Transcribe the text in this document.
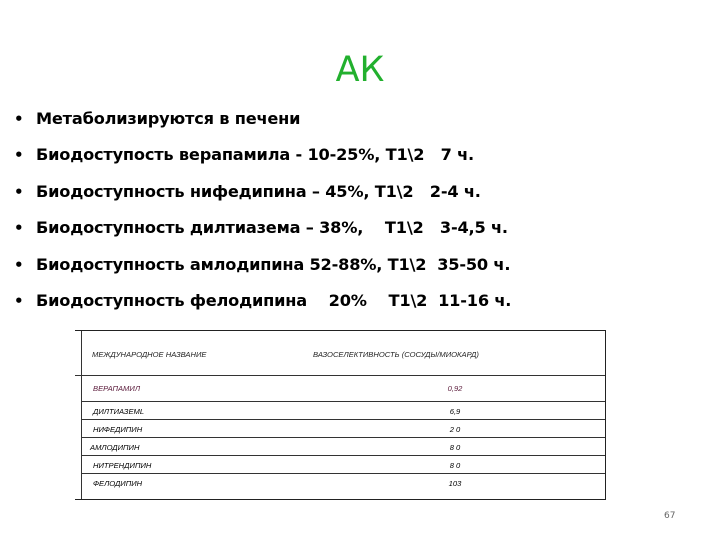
АК
• Метаболизируются в печени
• Биодоступость верапамила - 10-25%, Т1\2   7 ч.
• Биодоступность нифедипина – 45%, Т1\2   2-4 ч.
• Биодоступность дилтиазема – 38%,    Т1\2   3-4,5 ч.
• Биодоступность амлодипина 52-88%, Т1\2  35-50 ч.
• Биодоступность фелодипина    20%    Т1\2  11-16 ч.
МЕЖДУНАРОДНОЕ НАЗВАНИЕ	ВАЗОСЕЛЕКТИВНОСТЬ (СОСУДЫ/МИОКАРД)
ВЕРАПАМИЛ	0,92
ДИЛТИАЗЕМL	6,9
НИФЕДИПИН	2 0
АМЛОДИПИН	8 0
НИТРЕНДИПИН	8 0
ФЕЛОДИПИН	103
67
